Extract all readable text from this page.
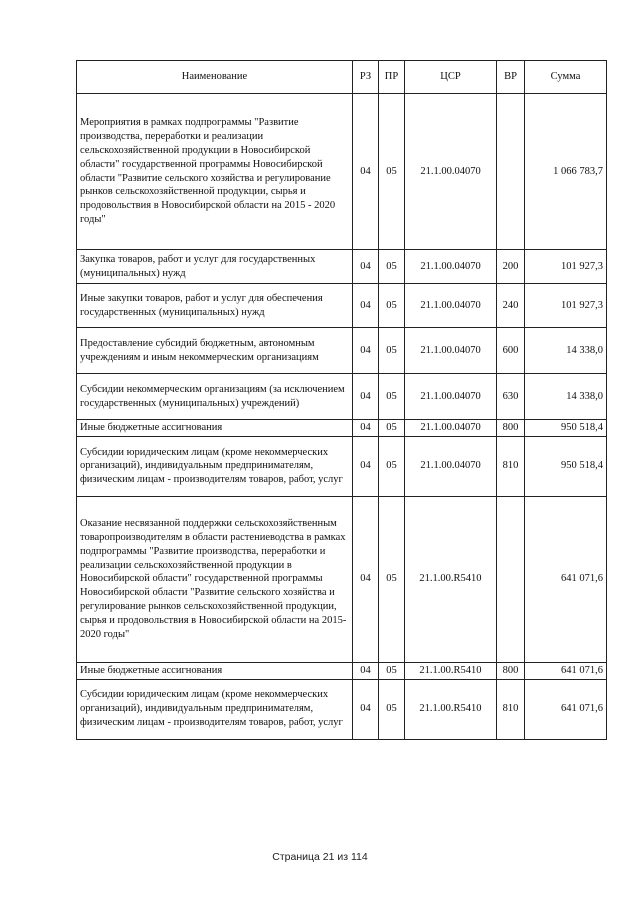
Наименование	РЗ	ПР	ЦСР	ВР	Сумма
Мероприятия в рамках подпрограммы "Развитие производства, переработки и реализации сельскохозяйственной продукции в Новосибирской области" государственной программы Новосибирской области "Развитие сельского хозяйства и регулирование рынков сельскохозяйственной продукции, сырья и продовольствия в Новосибирской области на 2015 - 2020 годы"	04	05	21.1.00.04070		1 066 783,7
Закупка товаров, работ и услуг для государственных (муниципальных) нужд	04	05	21.1.00.04070	200	101 927,3
Иные закупки товаров, работ и услуг для обеспечения государственных (муниципальных) нужд	04	05	21.1.00.04070	240	101 927,3
Предоставление субсидий бюджетным, автономным учреждениям и иным некоммерческим организациям	04	05	21.1.00.04070	600	14 338,0
Субсидии некоммерческим организациям (за исключением государственных (муниципальных) учреждений)	04	05	21.1.00.04070	630	14 338,0
Иные бюджетные ассигнования	04	05	21.1.00.04070	800	950 518,4
Субсидии юридическим лицам (кроме некоммерческих организаций), индивидуальным предпринимателям, физическим лицам - производителям товаров, работ, услуг	04	05	21.1.00.04070	810	950 518,4
Оказание несвязанной поддержки сельскохозяйственным товаропроизводителям в области растениеводства в рамках подпрограммы "Развитие производства, переработки и реализации сельскохозяйственной продукции в Новосибирской области" государственной программы Новосибирской области "Развитие сельского хозяйства и регулирование рынков сельскохозяйственной продукции, сырья и продовольствия в Новосибирской области на 2015-2020 годы"	04	05	21.1.00.R5410		641 071,6
Иные бюджетные ассигнования	04	05	21.1.00.R5410	800	641 071,6
Субсидии юридическим лицам (кроме некоммерческих организаций), индивидуальным предпринимателям, физическим лицам - производителям товаров, работ, услуг	04	05	21.1.00.R5410	810	641 071,6
Страница 21 из 114
